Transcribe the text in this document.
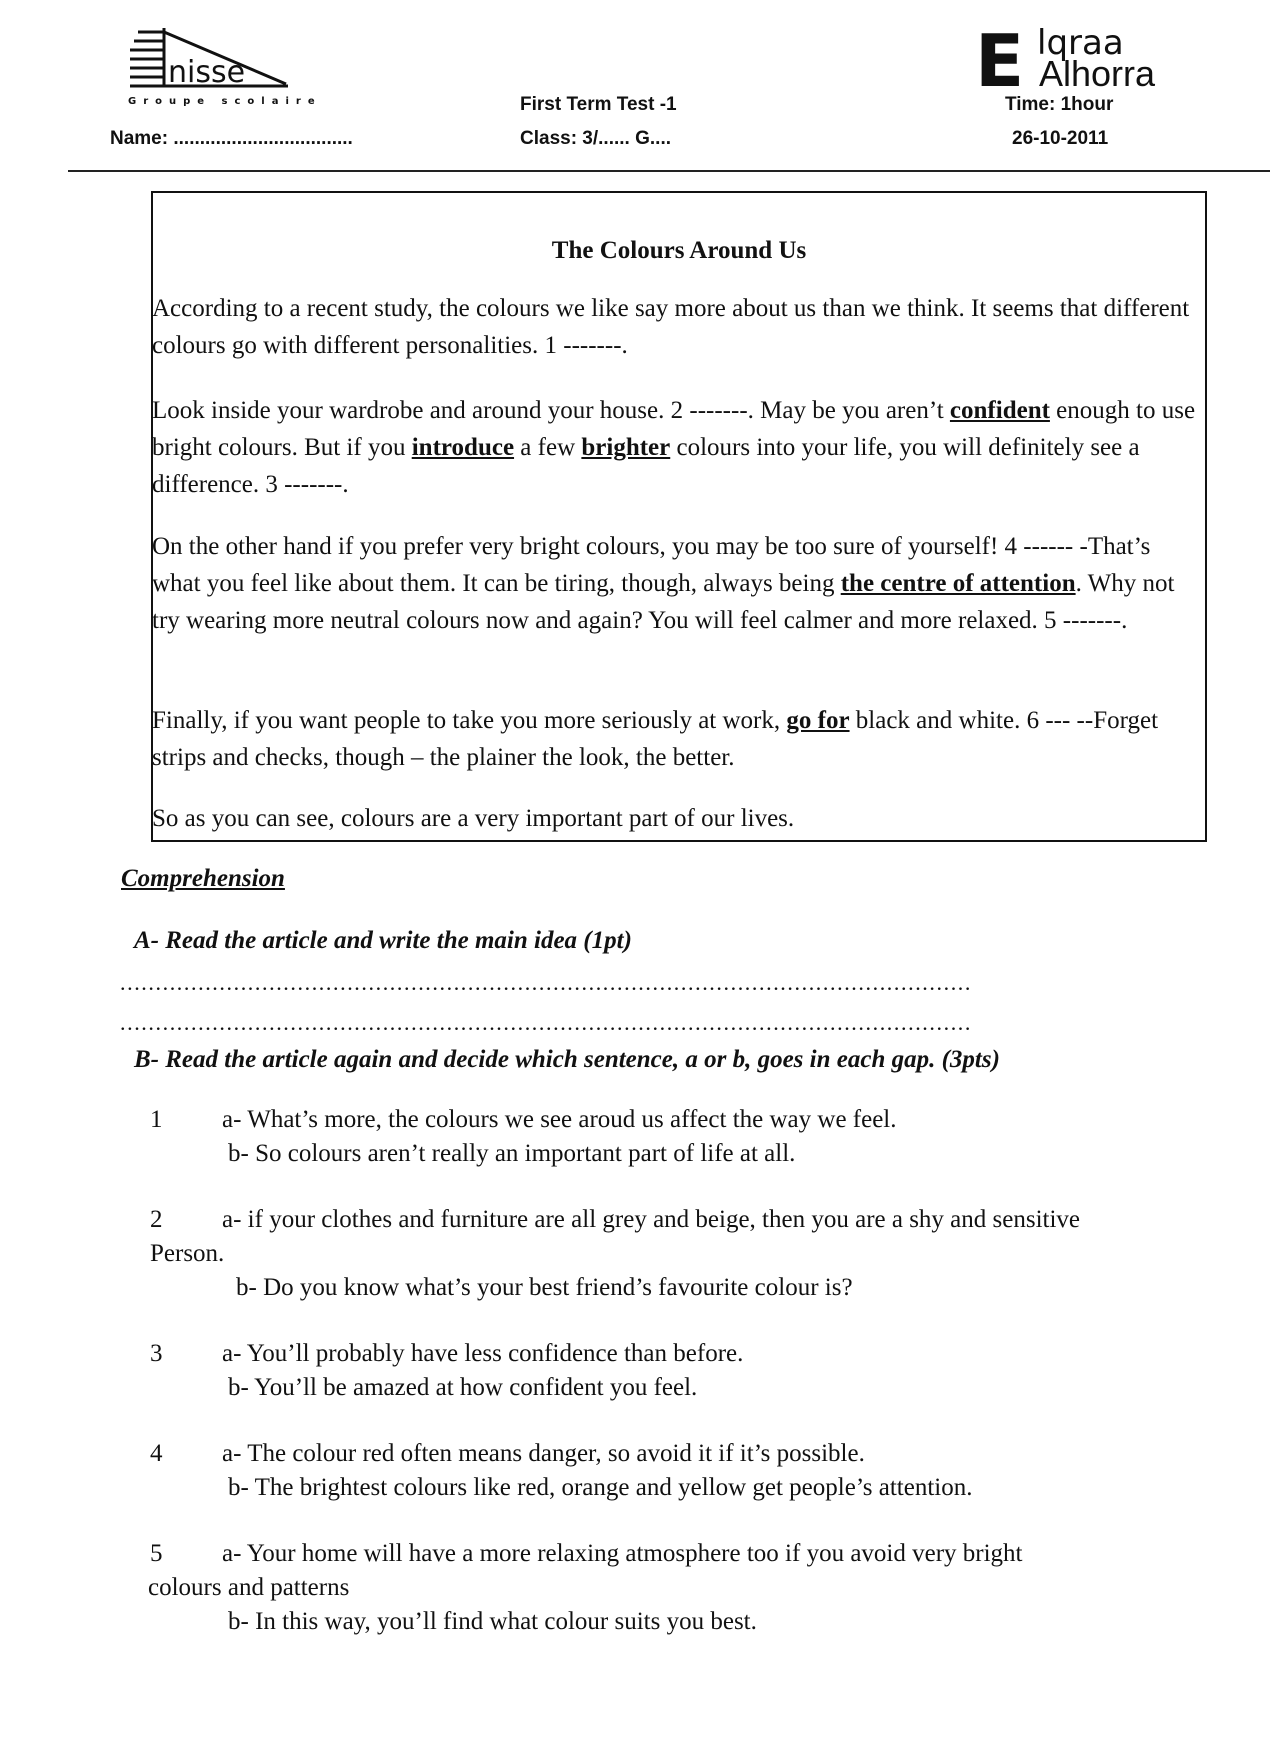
nisse
Groupe scolaire	E lqraa
Alhorra
Name: ..................................
First Term Test -1
Class: 3/...... G....
Time: 1hour
26-10-2011
The Colours Around Us
According to a recent study, the colours we like say more about us than we think. It seems that different colours go with different personalities. 1 -------.
Look inside your wardrobe and around your house. 2 -------. May be you aren’t confident enough to use bright colours. But if you introduce a few brighter colours into your life, you will definitely see a difference. 3 -------.
On the other hand if you prefer very bright colours, you may be too sure of yourself! 4 ------ -That’s what you feel like about them. It can be tiring, though, always being the centre of attention. Why not try wearing more neutral colours now and again? You will feel calmer and more relaxed. 5 -------.
Finally, if you want people to take you more seriously at work, go for black and white. 6 --- --Forget strips and checks, though – the plainer the look, the better.
So as you can see, colours are a very important part of our lives.
Comprehension
A- Read the article and write the main idea (1pt)
........................................................................................................................
........................................................................................................................
B- Read the article again and decide which sentence, a or b, goes in each gap. (3pts)
1 a- What’s more, the colours we see aroud us affect the way we feel.
b- So colours aren’t really an important part of life at all.
2 a- if your clothes and furniture are all grey and beige, then you are a shy and sensitive
Person.
b- Do you know what’s your best friend’s favourite colour is?
3 a- You’ll probably have less confidence than before.
b- You’ll be amazed at how confident you feel.
4 a- The colour red often means danger, so avoid it if it’s possible.
b- The brightest colours like red, orange and yellow get people’s attention.
5 a- Your home will have a more relaxing atmosphere too if you avoid very bright
colours and patterns
b- In this way, you’ll find what colour suits you best.
